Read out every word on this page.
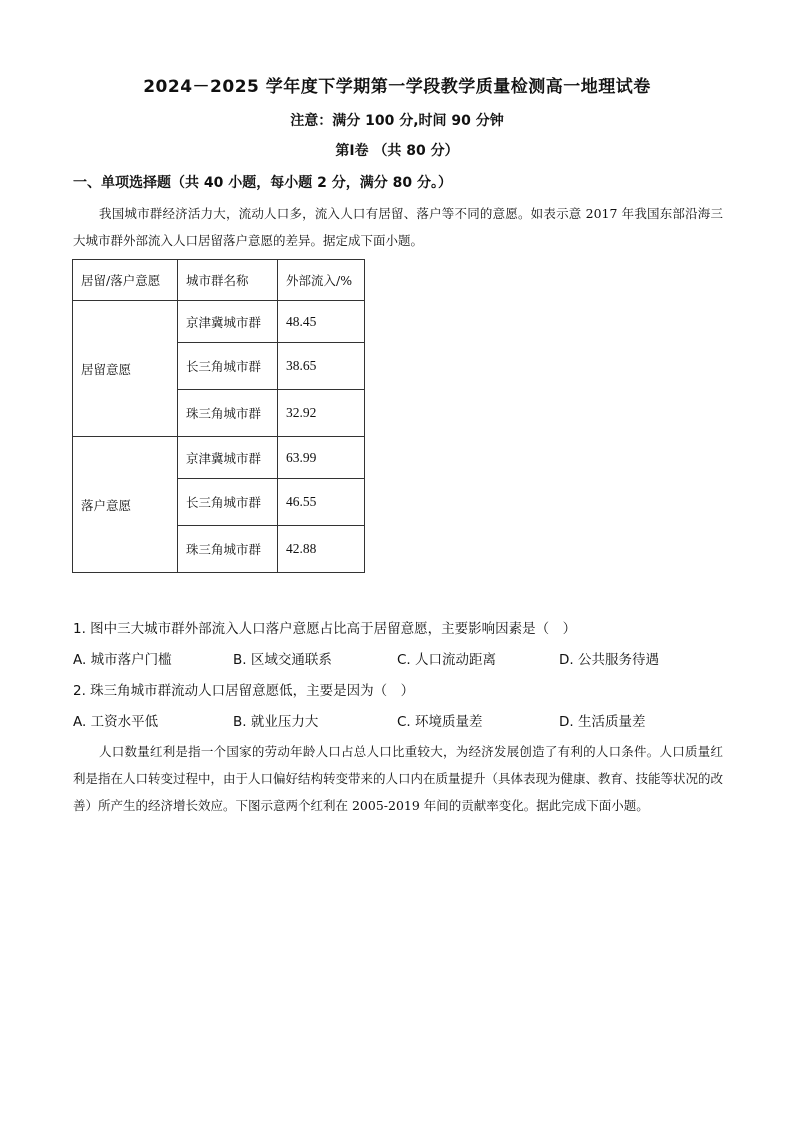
2024－2025 学年度下学期第一学段教学质量检测高一地理试卷
注意：满分 100 分,时间 90 分钟
第Ⅰ卷 （共 80 分）
一、单项选择题（共 40 小题，每小题 2 分，满分 80 分。）
我国城市群经济活力大，流动人口多，流入人口有居留、落户等不同的意愿。如表示意 2017 年我国东部沿海三大城市群外部流入人口居留落户意愿的差异。据定成下面小题。
居留/落户意愿	城市群名称	外部流入/%
居留意愿	京津冀城市群	48.45
	长三角城市群	38.65
	珠三角城市群	32.92
落户意愿	京津冀城市群	63.99
	长三角城市群	46.55
	珠三角城市群	42.88
1. 图中三大城市群外部流入人口落户意愿占比高于居留意愿，主要影响因素是（　）
A. 城市落户门槛	B. 区域交通联系	C. 人口流动距离	D. 公共服务待遇
2. 珠三角城市群流动人口居留意愿低，主要是因为（　）
A. 工资水平低	B. 就业压力大	C. 环境质量差	D. 生活质量差
人口数量红利是指一个国家的劳动年龄人口占总人口比重较大，为经济发展创造了有利的人口条件。人口质量红利是指在人口转变过程中，由于人口偏好结构转变带来的人口内在质量提升（具体表现为健康、教育、技能等状况的改善）所产生的经济增长效应。下图示意两个红利在 2005-2019 年间的贡献率变化。据此完成下面小题。
